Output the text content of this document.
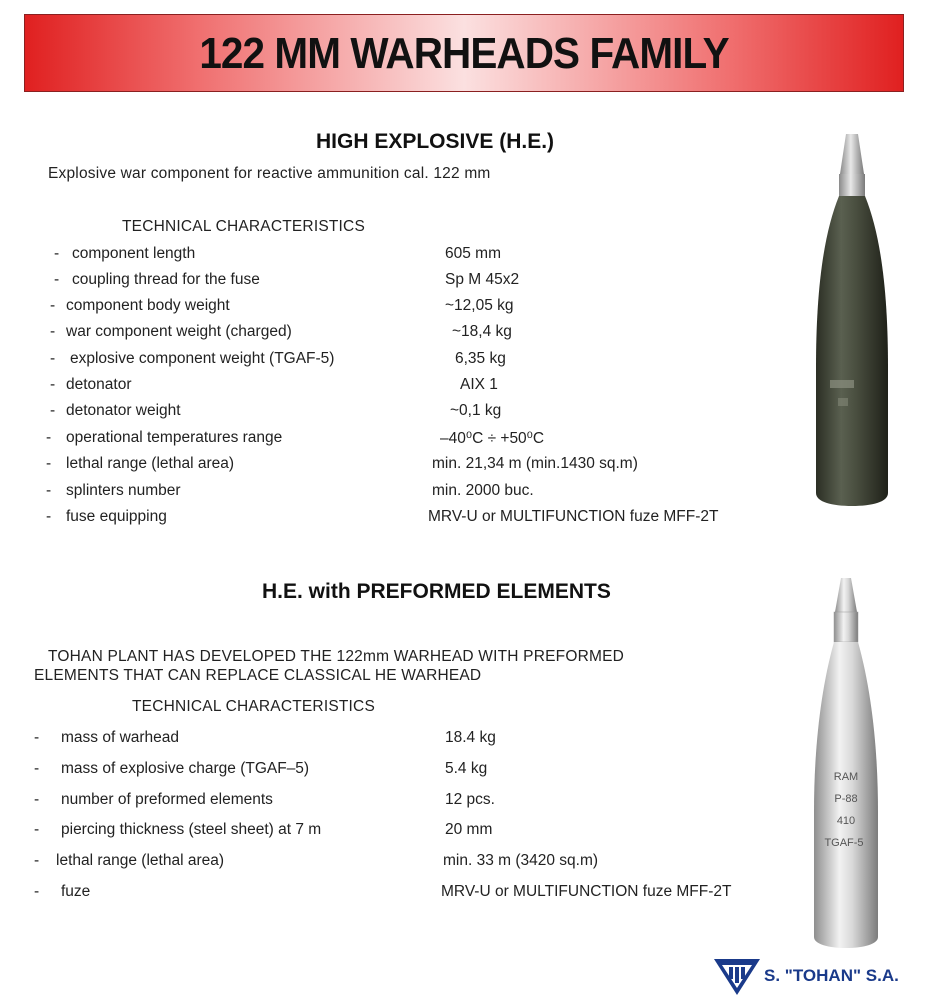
122 MM WARHEADS FAMILY
HIGH EXPLOSIVE (H.E.)
Explosive war component for reactive ammunition cal. 122 mm
TECHNICAL CHARACTERISTICS
- component length	605 mm
- coupling thread for the fuse	Sp M 45x2
- component body weight	~12,05 kg
- war component weight (charged)	~18,4 kg
- explosive component weight (TGAF-5)	6,35 kg
- detonator	AIX 1
- detonator weight	~0,1 kg
- operational temperatures range	–40⁰C ÷ +50⁰C
- lethal range (lethal area)	min. 21,34 m (min.1430 sq.m)
- splinters number	min. 2000 buc.
- fuse equipping	MRV-U or MULTIFUNCTION fuze MFF-2T
H.E. with PREFORMED ELEMENTS
TOHAN PLANT HAS DEVELOPED THE 122mm WARHEAD WITH PREFORMED
ELEMENTS THAT CAN REPLACE CLASSICAL HE WARHEAD
TECHNICAL CHARACTERISTICS
- mass of warhead	18.4 kg
- mass of explosive charge (TGAF–5)	5.4 kg
- number of preformed elements	12 pcs.
- piercing thickness (steel sheet) at 7 m	20 mm
- lethal range (lethal area)	min. 33 m (3420 sq.m)
- fuze	MRV-U or MULTIFUNCTION fuze MFF-2T
RAM
P-88
410
TGAF-5
S. "TOHAN" S.A.
